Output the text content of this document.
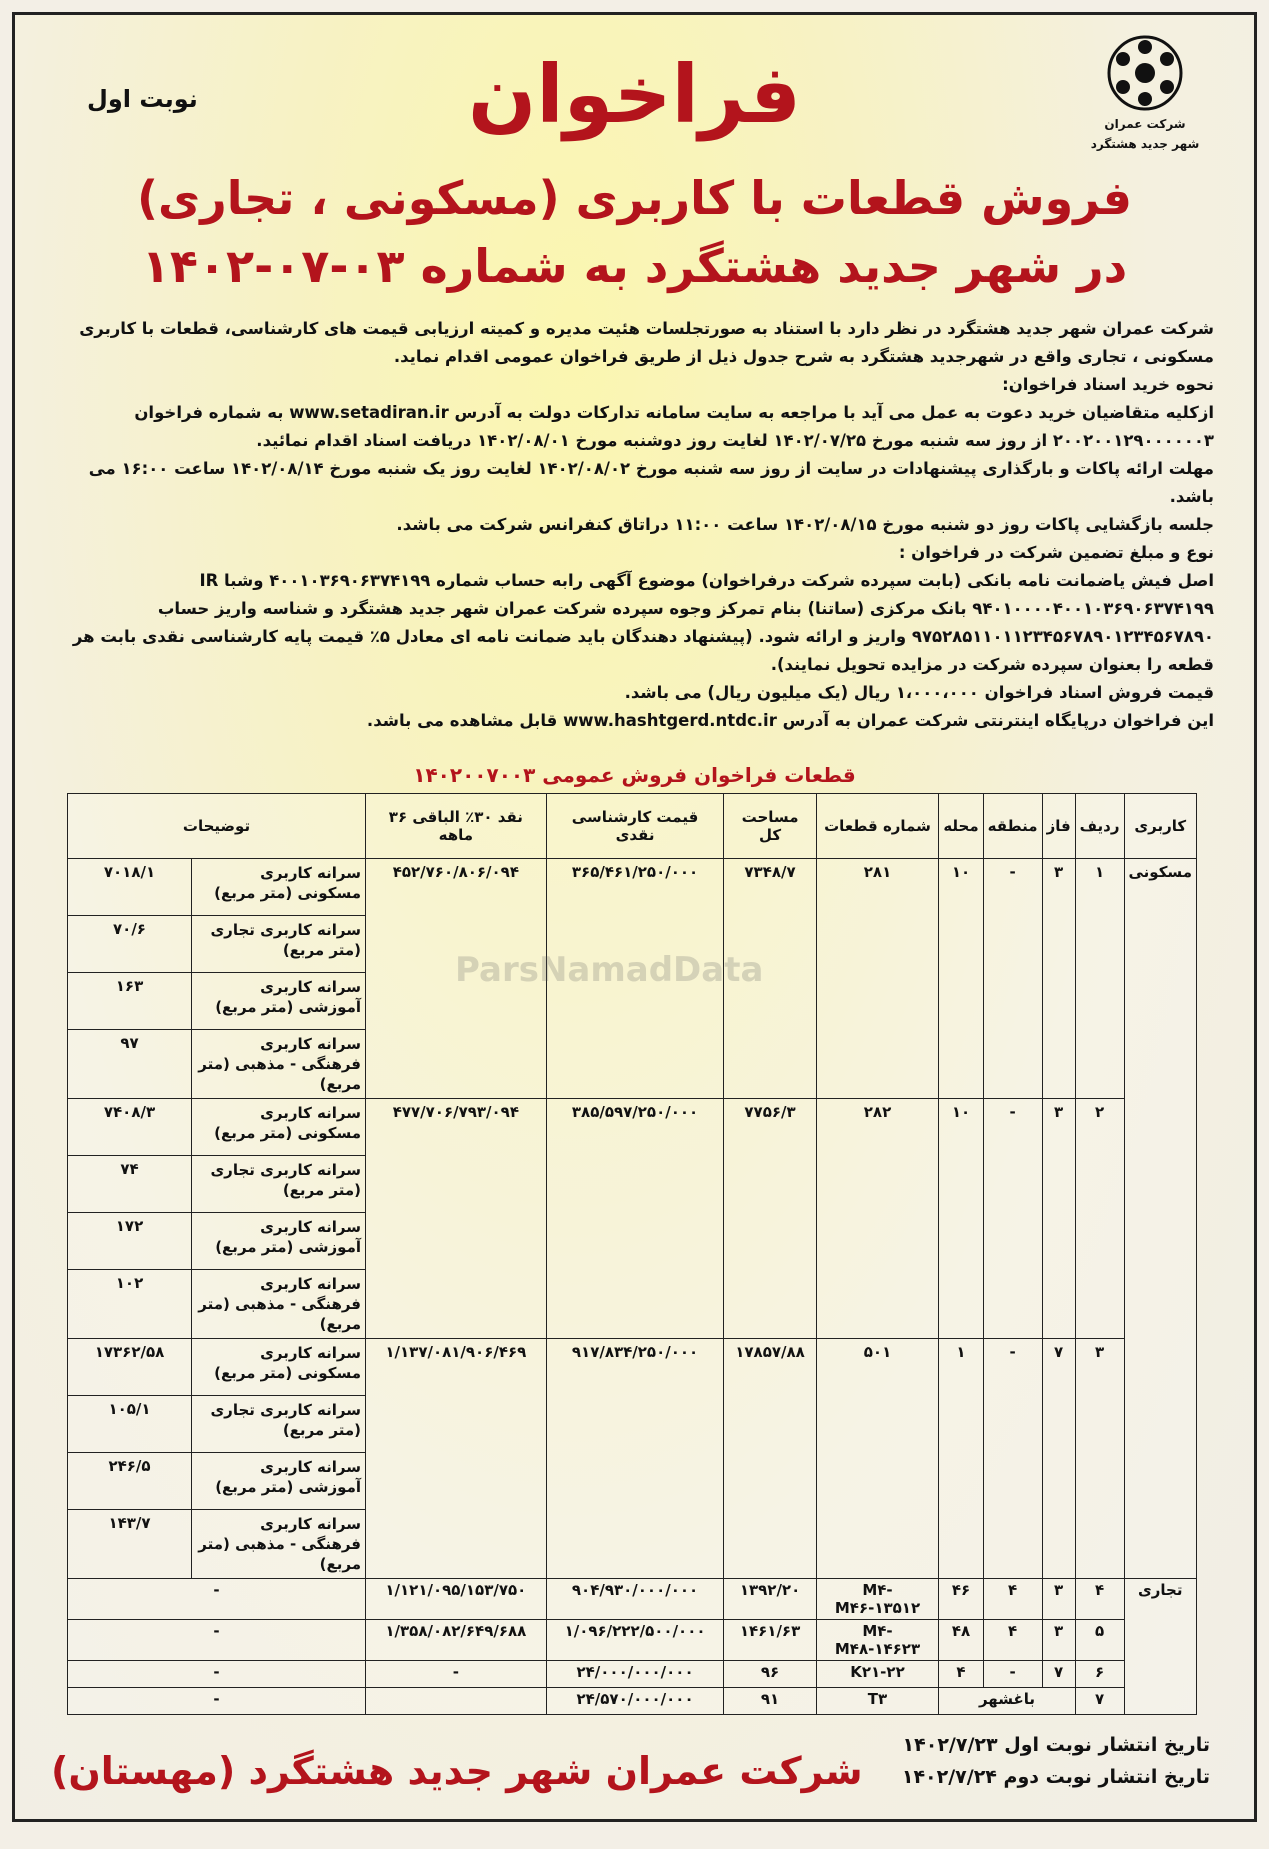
نوبت اول
شرکت عمران
شهر جدید هشتگرد
فراخوان
فروش قطعات با کاربری (مسکونی ، تجاری)
در شهر جدید هشتگرد به شماره ۰۳-۰۷-۱۴۰۲

شرکت عمران شهر جدید هشتگرد در نظر دارد با استناد به صورتجلسات هئیت مدیره و کمیته ارزیابی قیمت های کارشناسی، قطعات با کاربری مسکونی ، تجاری واقع در شهرجدید هشتگرد به شرح جدول ذیل از طریق فراخوان عمومی اقدام نماید.

نحوه خرید اسناد فراخوان:

ازکلیه متقاضیان خرید دعوت به عمل می آید با مراجعه به سایت سامانه تدارکات دولت به آدرس www.setadiran.ir به شماره فراخوان ۲۰۰۲۰۰۱۲۹۰۰۰۰۰۰۳ از روز سه شنبه مورخ ۱۴۰۲/۰۷/۲۵ لغایت روز دوشنبه مورخ ۱۴۰۲/۰۸/۰۱ دریافت اسناد اقدام نمائید.

مهلت ارائه پاکات و بارگذاری پیشنهادات در سایت از روز سه شنبه مورخ ۱۴۰۲/۰۸/۰۲ لغایت روز یک شنبه مورخ ۱۴۰۲/۰۸/۱۴ ساعت ۱۶:۰۰ می باشد.

جلسه بازگشایی پاکات روز دو شنبه مورخ ۱۴۰۲/۰۸/۱۵ ساعت ۱۱:۰۰ دراتاق کنفرانس شرکت می باشد.

نوع و مبلغ تضمین شرکت در فراخوان :

اصل فیش یاضمانت نامه بانکی (بابت سپرده شرکت درفراخوان) موضوع آگهی رابه حساب شماره ۴۰۰۱۰۳۶۹۰۶۳۷۴۱۹۹ وشبا IR ۹۴۰۱۰۰۰۰۴۰۰۱۰۳۶۹۰۶۳۷۴۱۹۹ بانک مرکزی (ساتنا) بنام تمرکز وجوه سپرده شرکت عمران شهر جدید هشتگرد و شناسه واریز حساب ۹۷۵۲۸۵۱۱۰۱۱۲۳۴۵۶۷۸۹۰۱۲۳۴۵۶۷۸۹۰ واریز و ارائه شود. (پیشنهاد دهندگان باید ضمانت نامه ای معادل ۵٪ قیمت پایه کارشناسی نقدی بابت هر قطعه را بعنوان سپرده شرکت در مزایده تحویل نمایند).

قیمت فروش اسناد فراخوان ۱،۰۰۰،۰۰۰ ریال (یک میلیون ریال) می باشد.

این فراخوان درپایگاه اینترنتی شرکت عمران به آدرس www.hashtgerd.ntdc.ir قابل مشاهده می باشد.

قطعات فراخوان فروش عمومی ۱۴۰۲۰۰۷۰۰۳
کاربری	ردیف	فاز	منطقه	محله	شماره قطعات	مساحت کل	قیمت کارشناسی نقدی	نقد ۳۰٪ الباقی ۳۶ ماهه	توضیحات	
مسکونی	۱	۳	-	۱۰	۲۸۱	۷۳۴۸/۷	۳۶۵/۴۶۱/۲۵۰/۰۰۰	۴۵۲/۷۶۰/۸۰۶/۰۹۴	سرانه کاربری مسکونی (متر مربع)	۷۰۱۸/۱
									سرانه کاربری تجاری (متر مربع)	۷۰/۶
									سرانه کاربری آموزشی (متر مربع)	۱۶۳
									سرانه کاربری فرهنگی - مذهبی (متر مربع)	۹۷
	۲	۳	-	۱۰	۲۸۲	۷۷۵۶/۳	۳۸۵/۵۹۷/۲۵۰/۰۰۰	۴۷۷/۷۰۶/۷۹۳/۰۹۴	سرانه کاربری مسکونی (متر مربع)	۷۴۰۸/۳
									سرانه کاربری تجاری (متر مربع)	۷۴
									سرانه کاربری آموزشی (متر مربع)	۱۷۲
									سرانه کاربری فرهنگی - مذهبی (متر مربع)	۱۰۲
	۳	۷	-	۱	۵۰۱	۱۷۸۵۷/۸۸	۹۱۷/۸۳۴/۲۵۰/۰۰۰	۱/۱۳۷/۰۸۱/۹۰۶/۴۶۹	سرانه کاربری مسکونی (متر مربع)	۱۷۳۶۲/۵۸
									سرانه کاربری تجاری (متر مربع)	۱۰۵/۱
									سرانه کاربری آموزشی (متر مربع)	۲۴۶/۵
									سرانه کاربری فرهنگی - مذهبی (متر مربع)	۱۴۳/۷
تجاری	۴	۳	۴	۴۶	M۴-M۴۶-۱۳۵۱۲	۱۳۹۲/۲۰	۹۰۴/۹۳۰/۰۰۰/۰۰۰	۱/۱۲۱/۰۹۵/۱۵۳/۷۵۰	-	
	۵	۳	۴	۴۸	M۴-M۴۸-۱۴۶۲۳	۱۴۶۱/۶۳	۱/۰۹۶/۲۲۲/۵۰۰/۰۰۰	۱/۳۵۸/۰۸۲/۶۴۹/۶۸۸	-	
	۶	۷	-	۴	K۲۱-۲۲	۹۶	۲۴/۰۰۰/۰۰۰/۰۰۰	-	-	
	۷	باغشهر			T۳	۹۱	۲۴/۵۷۰/۰۰۰/۰۰۰		-	
ParsNamadData
تاریخ انتشار نوبت اول ۱۴۰۲/۷/۲۳
تاریخ انتشار نوبت دوم ۱۴۰۲/۷/۲۴
شرکت عمران شهر جدید هشتگرد (مهستان)
